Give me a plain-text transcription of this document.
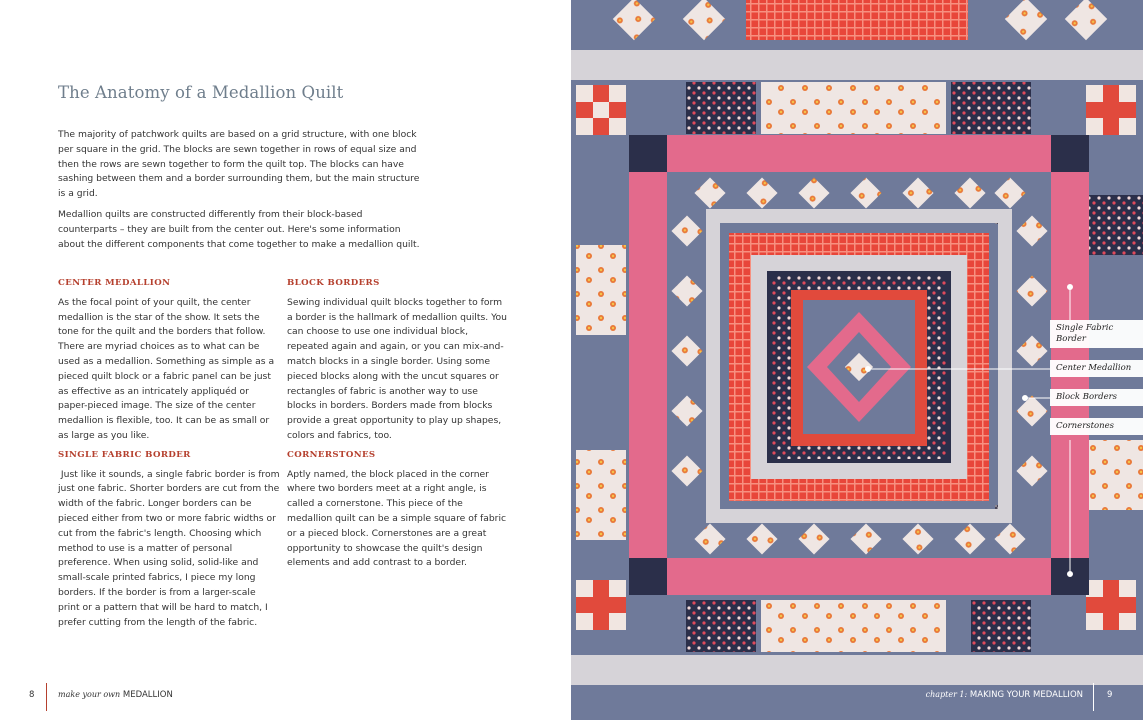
The Anatomy of a Medallion Quilt

The majority of patchwork quilts are based on a grid structure, with one block per square in the grid. The blocks are sewn together in rows of equal size and then the rows are sewn together to form the quilt top. The blocks can have sashing between them and a border surrounding them, but the main structure is a grid.

Medallion quilts are constructed differently from their block-based counterparts – they are built from the center out. Here's some information about the different components that come together to make a medallion quilt.

CENTER MEDALLION

As the focal point of your quilt, the center medallion is the star of the show. It sets the tone for the quilt and the borders that follow. There are myriad choices as to what can be used as a medallion. Something as simple as a pieced quilt block or a fabric panel can be just as effective as an intricately appliquéd or paper-pieced image. The size of the center medallion is flexible, too. It can be as small or as large as you like.

SINGLE FABRIC BORDER

Just like it sounds, a single fabric border is from just one fabric. Shorter borders are cut from the width of the fabric. Longer borders can be pieced either from two or more fabric widths or cut from the fabric's length. Choosing which method to use is a matter of personal preference. When using solid, solid-like and small-scale printed fabrics, I piece my long borders. If the border is from a larger-scale print or a pattern that will be hard to match, I prefer cutting from the length of the fabric.

BLOCK BORDERS

Sewing individual quilt blocks together to form a border is the hallmark of medallion quilts. You can choose to use one individual block, repeated again and again, or you can mix-and-match blocks in a single border. Using some pieced blocks along with the uncut squares or rectangles of fabric is another way to use blocks in borders. Borders made from blocks provide a great opportunity to play up shapes, colors and fabrics, too.

CORNERSTONES

Aptly named, the block placed in the corner where two borders meet at a right angle, is called a cornerstone. This piece of the medallion quilt can be a simple square of fabric or a pieced block. Cornerstones are a great opportunity to showcase the quilt's design elements and add contrast to a border.

8	make your own MEDALLION
Single Fabric Border
Center Medallion
Block Borders
Cornerstones
chapter 1: MAKING YOUR MEDALLION	9
